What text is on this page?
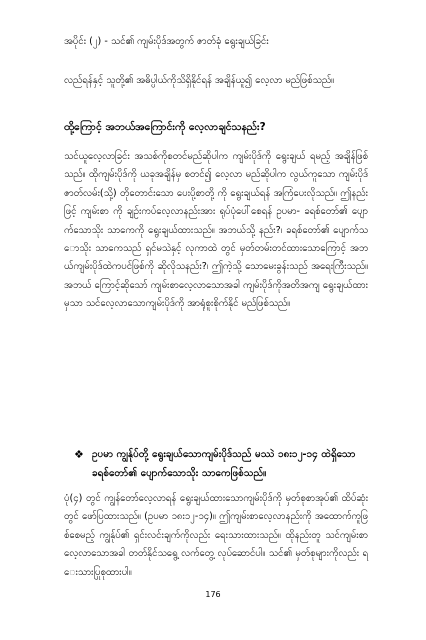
အပိုင်း (၂) - သင်၏ ကျမ်းပိုဒ်အတွက် ဇာတ်ခုံ ရွေးချယ်ခြင်း
လည်ရန်နှင့် သူတို့၏ အဓိပ္ပါယ်ကိုသိရှိနိုင်ရန် အချိန်ယူ၍ လေ့လာ မည်ဖြစ်သည်။
ထို့ကြောင့် အဘယ်အကြောင်းကို လေ့လာချင်သနည်း?
သင်ယူလေ့လာခြင်း အသစ်ကိုစတင်မည်ဆိုပါက ကျမ်းပိုဒ်ကို ရွေးချယ် ရမည့် အချိန်ဖြစ်သည်။ ထိုကျမ်းပိုဒ်ကို ယခုအချိန်မှ စတင်၍ လေ့လာ မည်ဆိုပါက လွယ်ကူသော ကျမ်းပိုဒ် ဇာတ်လမ်း(သို့) တိုတောင်းသော ပေးပို့စာတို့ ကို ရွေးချယ်ရန် အကြံပေးလိုသည်။ ဤနည်းဖြင့် ကျမ်းစာ ကို ချဉ်းကပ်လေ့လာနည်းအား ရုပ်ပုံပေါ်စေရန် ဥပမာ- ခရစ်တော်၏ ပျောက်သောသိုး သာကေကို ရွေးချယ်ထားသည်။ အဘယ်သို့ နည်း?၊ ခရစ်တော်၏ ပျောက်သောသိုး သာကေသည် ရှင်မသဲနှင့် လုကာထဲ တွင် မှတ်တမ်းတင်ထားသောကြောင့် အဘယ်ကျမ်းပိုဒ်ထဲကပင်ဖြစ်ကို ဆိုလိုသနည်း?၊ ဤကဲ့သို့ သောမေးခွန်းသည် အရေးကြီးသည်။ အဘယ် ကြောင့်ဆိုသော် ကျမ်းစာလေ့လာသောအခါ ကျမ်းပိုဒ်ကိုအတိအကျ ရွေးချယ်ထားမှသာ သင်လေ့လာသောကျမ်းပိုဒ်ကို အာရုံစူးစိုက်နိုင် မည်ဖြစ်သည်။
❖ ဥပမာ ကျွန်ုပ်တို့ ရွေးချယ်သောကျမ်းပိုဒ်သည် မဿဲ ၁၈း၁၂-၁၄ ထဲရှိသော ခရစ်တော်၏ ပျောက်သောသိုး သာကေဖြစ်သည်။
ပုံ(၄) တွင် ကျွန်တော်လေ့လာရန် ရွေးချယ်ထားသောကျမ်းပိုဒ်ကို မှတ်စုစာအုပ်၏ ထိပ်ဆုံးတွင် ဖော်ပြထားသည်။ (ဥပမာ ၁၈း၁၂-၁၄)။ ဤကျမ်းစာလေ့လာနည်းကို အထောက်ကူဖြစ်စေမည့် ကျွန်ုပ်၏ ရှင်းလင်းချက်ကိုလည်း ရေးသားထားသည်။ ထိုနည်းတူ သင်ကျမ်းစာ လေ့လာသောအခါ တတ်နိုင်သရွေ့ လက်တွေ့ လုပ်ဆောင်ပါ။ သင်၏ မှတ်စုများကိုလည်း ရေးသားပြုစုထားပါ။
176
